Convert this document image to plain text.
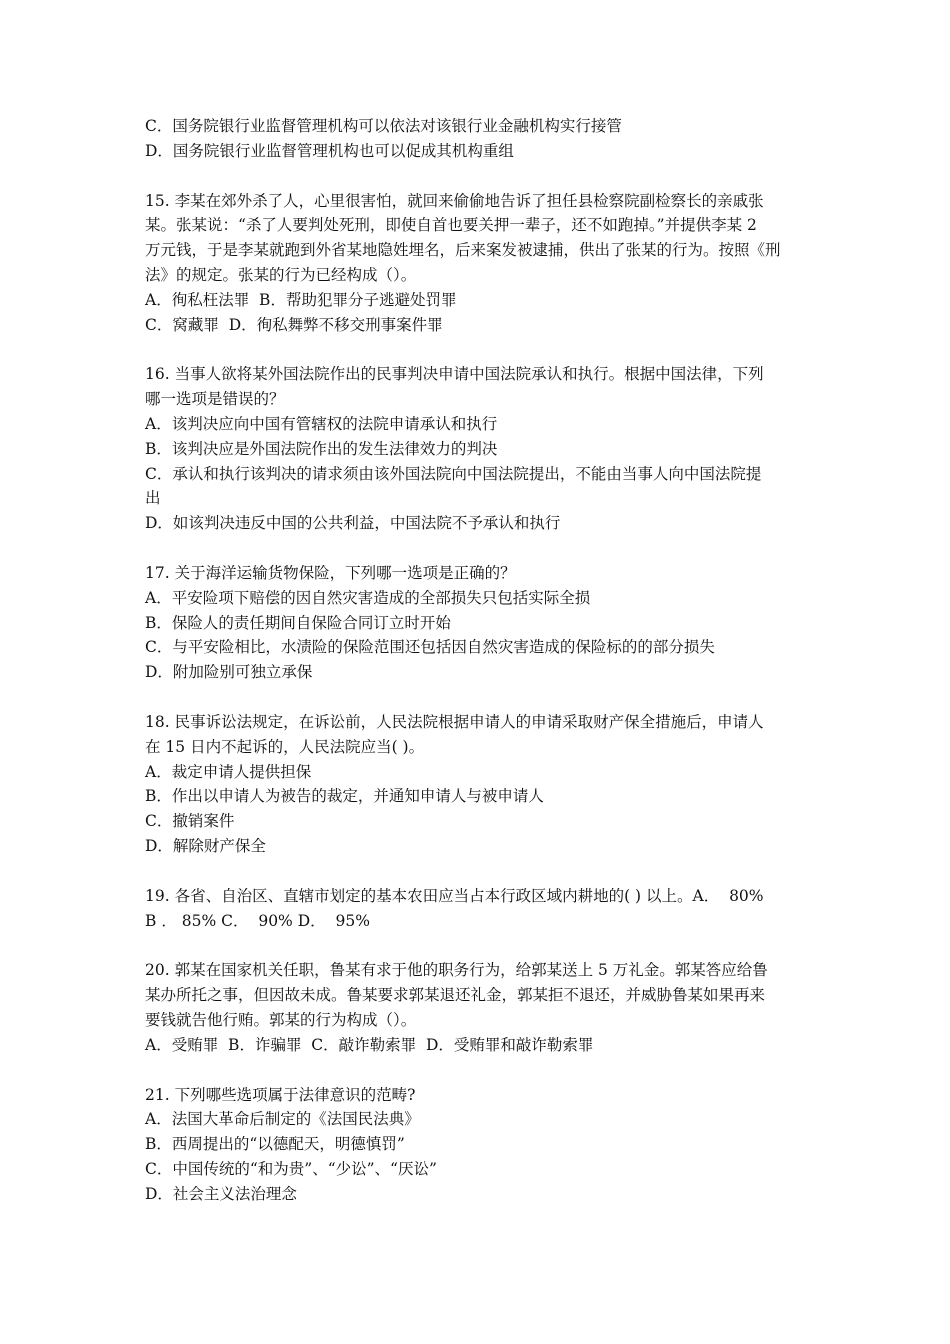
C．国务院银行业监督管理机构可以依法对该银行业金融机构实行接管
D．国务院银行业监督管理机构也可以促成其机构重组
15. 李某在郊外杀了人，心里很害怕，就回来偷偷地告诉了担任县检察院副检察长的亲戚张
某。张某说：“杀了人要判处死刑，即使自首也要关押一辈子，还不如跑掉。”并提供李某 2
万元钱，于是李某就跑到外省某地隐姓埋名，后来案发被逮捕，供出了张某的行为。按照《刑
法》的规定。张某的行为已经构成（）。
A．徇私枉法罪  B．帮助犯罪分子逃避处罚罪
C．窝藏罪  D．徇私舞弊不移交刑事案件罪
16. 当事人欲将某外国法院作出的民事判决申请中国法院承认和执行。根据中国法律，下列
哪一选项是错误的？
A．该判决应向中国有管辖权的法院申请承认和执行
B．该判决应是外国法院作出的发生法律效力的判决
C．承认和执行该判决的请求须由该外国法院向中国法院提出，不能由当事人向中国法院提
出
D．如该判决违反中国的公共利益，中国法院不予承认和执行
17. 关于海洋运输货物保险，下列哪一选项是正确的？
A．平安险项下赔偿的因自然灾害造成的全部损失只包括实际全损
B．保险人的责任期间自保险合同订立时开始
C．与平安险相比，水渍险的保险范围还包括因自然灾害造成的保险标的的部分损失
D．附加险别可独立承保
18. 民事诉讼法规定，在诉讼前，人民法院根据申请人的申请采取财产保全措施后，申请人
在 15 日内不起诉的，人民法院应当( )。
A．裁定申请人提供担保
B．作出以申请人为被告的裁定，并通知申请人与被申请人
C．撤销案件
D．解除财产保全
19. 各省、自治区、直辖市划定的基本农田应当占本行政区域内耕地的( ) 以上。A．  80%
B ． 85% C．  90% D．  95%
20. 郭某在国家机关任职，鲁某有求于他的职务行为，给郭某送上 5 万礼金。郭某答应给鲁
某办所托之事，但因故未成。鲁某要求郭某退还礼金，郭某拒不退还，并威胁鲁某如果再来
要钱就告他行贿。郭某的行为构成（）。
A．受贿罪  B．诈骗罪  C．敲诈勒索罪  D．受贿罪和敲诈勒索罪
21. 下列哪些选项属于法律意识的范畴?
A．法国大革命后制定的《法国民法典》
B．西周提出的“以德配天，明德慎罚”
C．中国传统的“和为贵”、“少讼”、“厌讼”
D．社会主义法治理念
